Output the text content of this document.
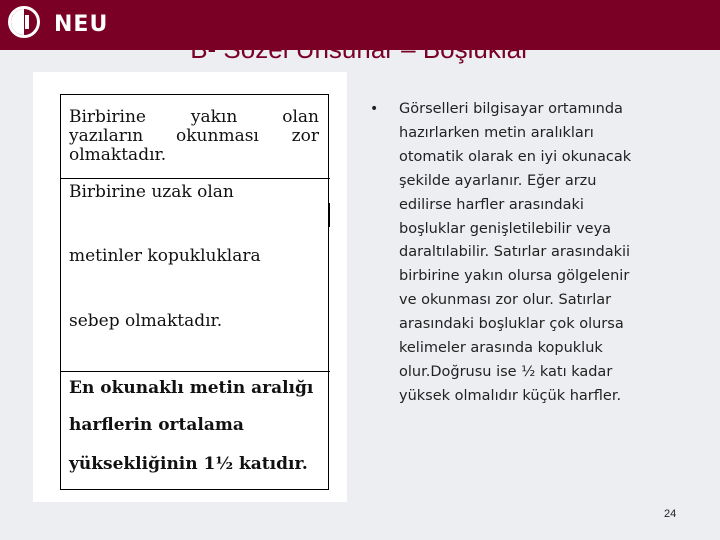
NEU
B- Sözel Unsurlar – Boşluklar
Birbirine yakın olan
yazıların okunması zor
olmaktadır.
Birbirine uzak olan
metinler kopukluklara
sebep olmaktadır.
En okunaklı metin aralığı
harflerin ortalama
yüksekliğinin 1½ katıdır.
• Görselleri bilgisayar ortamında
hazırlarken metin aralıkları
otomatik olarak en iyi okunacak
şekilde ayarlanır. Eğer arzu
edilirse harfler arasındaki
boşluklar genişletilebilir veya
daraltılabilir. Satırlar arasındakii
birbirine yakın olursa gölgelenir
ve okunması zor olur. Satırlar
arasındaki boşluklar çok olursa
kelimeler arasında kopukluk
olur.Doğrusu ise ½ katı kadar
yüksek olmalıdır küçük harfler.
24
